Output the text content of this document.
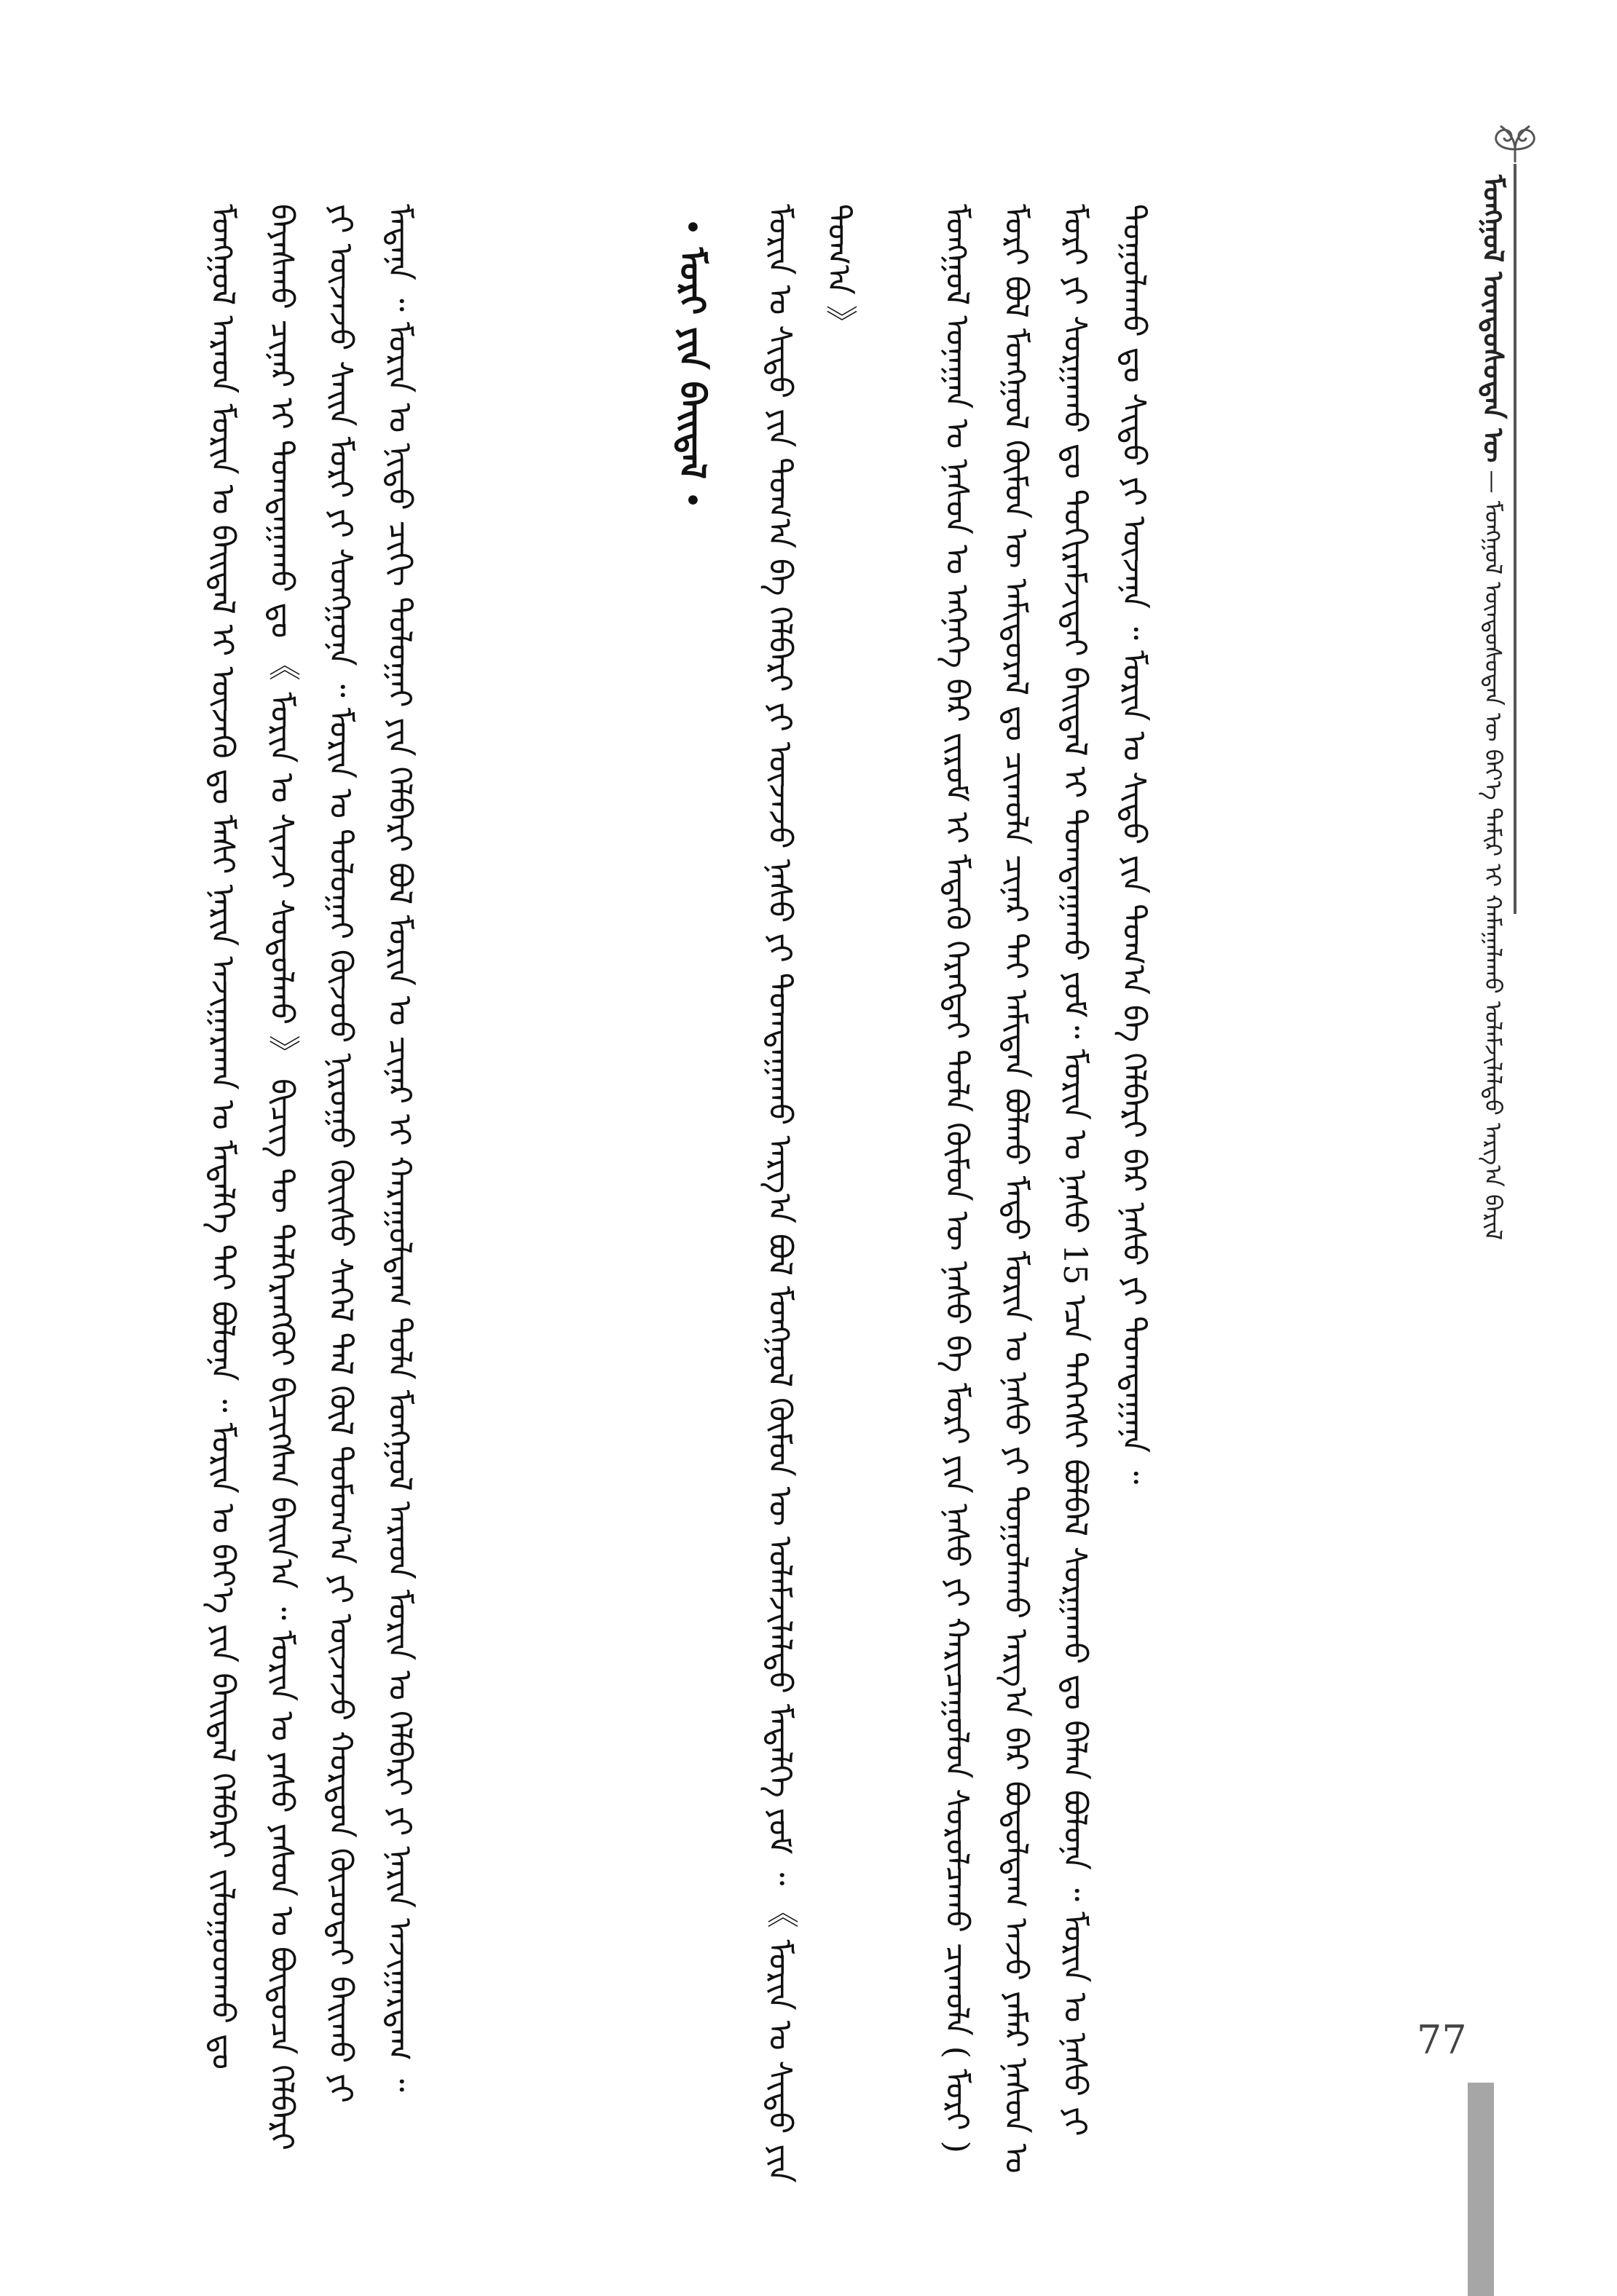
ᠮᠣᠩᠭᠣᠯ ᠦᠨᠳᠦᠰᠦᠲᠡᠨ ᠦ — ᠮᠣᠩᠭᠣᠯ ᠦᠨᠳᠦᠰᠦᠲᠡᠨ ᠦ ᠪᠡᠶ᠎ᠡ ᠲᠠᠮᠢᠷ ᠢ ᠬᠠᠮᠠᠭᠠᠯᠠᠬᠤ ᠤᠯᠠᠮᠵᠢᠯᠠᠯᠲᠤ ᠠᠷᠭ᠎ᠠ ᠪᠠᠷᠢᠯ

ᠮᠣᠩᠭᠣᠯ ᠤᠨᠠᠭᠠᠨ ᠤ ᠨᠠᠰᠤᠨ ᠤ ᠡᠩᠨᠡᠭᠡ ᠪᠡᠷ ᠵᠢᠷᠤᠮ ᠢ ᠮᠡᠳᠡᠬᠦ ᠬᠡᠷᠡᠭᠲᠡᠢ ᠲᠤᠯᠠ ᠬᠦᠮᠦᠨ ᠦ ᠨᠠᠰᠤ ᠪᠠ ᠮᠣᠷᠢ ᠶᠢᠨ ᠨᠠᠰᠤ ᠶᠢ ᠬᠠᠷᠢᠴᠠᠭᠤᠯᠤᠨ ᠰᠤᠷᠤᠯᠴᠠᠬᠤ ᠴᠢᠬᠤᠯᠠ ( ᠮᠣᠷᠢ ) ᠮᠣᠷᠢ ᠪᠣᠯ ᠮᠣᠩᠭᠣᠯ ᠬᠦᠮᠦᠨ ᠦ ᠠᠮᠢᠳᠤᠷᠠᠯ ᠳᠤ ᠴᠢᠬᠤᠯᠠ ᠴᠢᠨᠠᠷ ᠲᠠᠢ ᠠᠮᠢᠲᠠᠨ ᠪᠣᠯᠬᠤ ᠮᠠᠲᠤ ᠮᠣᠷᠢᠨ ᠤ ᠨᠠᠰᠤ ᠶᠢ ᠲᠣᠭᠣᠯᠠᠬᠤ ᠠᠷᠭ᠎ᠠ ᠪᠠᠷ ᠪᠣᠳᠤᠯᠳᠠᠭ ᠠᠵᠤ ᠶᠠᠮᠠᠷ ᠨᠠᠰᠤᠨ ᠤ ᠮᠣᠷᠢ ᠶᠢ ᠰᠤᠷᠭᠠᠬᠤ ᠳᠤ ᠲᠣᠬᠢᠷᠠᠮᠵᠢᠲᠠᠢ ᠪᠠᠢᠳᠠᠯ ᠢ ᠲᠣᠭᠲᠠᠭᠠᠬᠤ ᠶᠤᠮ᠃ ᠮᠣᠷᠢᠨ ᠤ ᠨᠠᠰᠤ 15 ᠡᠴᠡ ᠳᠡᠭᠡᠭᠰᠢ ᠪᠣᠯᠪᠠᠯ ᠰᠤᠷᠭᠠᠬᠤ ᠳᠤ ᠪᠡᠯᠡᠨ ᠪᠣᠯᠣᠨᠠ ᠃ ᠮᠣᠷᠢᠨ ᠤ ᠨᠠᠰᠤ ᠶᠢ ᠲᠣᠭᠣᠯᠠᠬᠤ ᠳᠤ ᠰᠢᠳᠦ ᠶᠢ ᠦᠵᠡᠨᠡ ᠃ ᠮᠣᠷᠢᠨ ᠤ ᠰᠢᠳᠦ ᠶᠢᠨ ᠲᠣᠭ᠎ᠠ ᠪᠠ ᠬᠡᠯᠪᠡᠷᠢ ᠪᠡᠷ ᠨᠠᠰᠤ ᠶᠢ ᠲᠣᠭᠲᠠᠭᠠᠨᠠ ᠃

ᠮᠣᠷᠢᠨ ᠤ ᠰᠢᠳᠦ ᠶᠢᠨ ᠲᠣᠭ᠎ᠠ ᠪᠠ ᠬᠡᠯᠪᠡᠷᠢ ᠶᠢ ᠦᠵᠡᠵᠦ ᠨᠠᠰᠤ ᠶᠢ ᠲᠣᠭᠲᠠᠭᠠᠬᠤ ᠠᠷᠭ᠎ᠠ ᠪᠣᠯ ᠮᠣᠩᠭᠣᠯ ᠬᠦᠮᠦᠨ ᠦ ᠤᠯᠠᠮᠵᠢᠯᠠᠯᠲᠤ ᠮᠡᠳᠡᠯᠭᠡ ᠶᠤᠮ ᠃ 《 ᠮᠣᠷᠢᠨ ᠤ ᠰᠢᠳᠦ ᠶᠢᠨ ᠲᠣᠭ᠎ᠠ 》

• ᠮᠣᠷᠢ ᠶᠢᠨ ᠪᠠᠢᠳᠠᠯ •

ᠮᠣᠩᠭᠣᠯ ᠠᠷᠠᠳ ᠮᠣᠷᠢᠨ ᠤ ᠪᠠᠢᠳᠠᠯ ᠢ ᠦᠵᠡᠬᠦ ᠳᠤ ᠮᠠᠰᠢ ᠨᠠᠷᠢᠨ ᠠᠵᠢᠭᠠᠷᠬᠠᠨ ᠤ ᠮᠡᠳᠡᠯᠭᠡ ᠲᠠᠢ ᠪᠣᠯᠣᠨᠠ ᠃ ᠮᠣᠷᠢᠨ ᠤ ᠪᠡᠶ᠎ᠡ ᠶᠢᠨ ᠪᠠᠢᠳᠠᠯ ᠬᠡᠯᠪᠡᠷᠢ ᠵᠢᠯᠤᠭᠤᠳᠬᠤ ᠳᠤ ᠪᠠᠶᠠᠰᠬᠤ ᠴᠢᠨᠠᠷ ᠢ ᠲᠣᠭᠲᠠᠭᠠᠬᠤ ᠳᠤ 《 ᠮᠣᠷᠢᠨ ᠤ ᠰᠢᠨᠵᠢ ᠰᠤᠳᠤᠯᠬᠤ 》 ᠪᠢᠴᠢᠭ ᠲᠦ ᠳᠡᠯᠭᠡᠷᠡᠩᠭᠦᠢ ᠪᠢᠴᠢᠭᠰᠡᠨ ᠪᠠᠢᠨ᠎ᠠ ᠃ ᠮᠣᠷᠢᠨ ᠤ ᠶᠠᠰᠤ ᠶᠠᠰᠤᠨ ᠤ ᠪᠦᠲᠦᠴᠡ ᠬᠡᠯᠪᠡᠷᠢ ᠶᠢ ᠦᠵᠡᠵᠦ ᠰᠠᠢᠨ ᠮᠣᠷᠢ ᠶᠢ ᠰᠣᠩᠭᠣᠨᠠ ᠃ ᠮᠣᠷᠢᠨ ᠤ ᠲᠣᠯᠣᠭᠠᠢ ᠬᠦᠵᠦᠦ ᠨᠢᠷᠤᠭᠤ ᠬᠦᠢᠰᠦ ᠰᠡᠭᠡᠯ ᠳᠡᠯ ᠬᠥᠯ ᠲᠤᠮᠤᠭ᠎ᠠ ᠶᠢ ᠦᠵᠡᠵᠦ ᠬᠤᠷᠳᠤᠨ ᠬᠦᠴᠦᠲᠡᠢ ᠪᠠᠢᠬᠤ ᠶᠢ ᠮᠡᠳᠡᠨᠡ ᠃ ᠮᠣᠷᠢᠨ ᠤ ᠨᠢᠳᠦ ᠴᠢᠬᠢ ᠲᠣᠯᠣᠭᠠᠢ ᠶᠢᠨ ᠬᠡᠯᠪᠡᠷᠢ ᠪᠣᠯ ᠮᠣᠷᠢᠨ ᠤ ᠴᠢᠨᠠᠷ ᠢ ᠬᠠᠷᠠᠭᠤᠯᠳᠠᠭ ᠲᠤᠯᠠ ᠮᠣᠩᠭᠣᠯ ᠠᠷᠠᠳ ᠮᠣᠷᠢᠨ ᠤ ᠬᠡᠯᠪᠡᠷᠢ ᠶᠢ ᠨᠠᠷᠢᠨ ᠠᠵᠢᠭᠠᠷᠳᠠᠭ ᠃	77
